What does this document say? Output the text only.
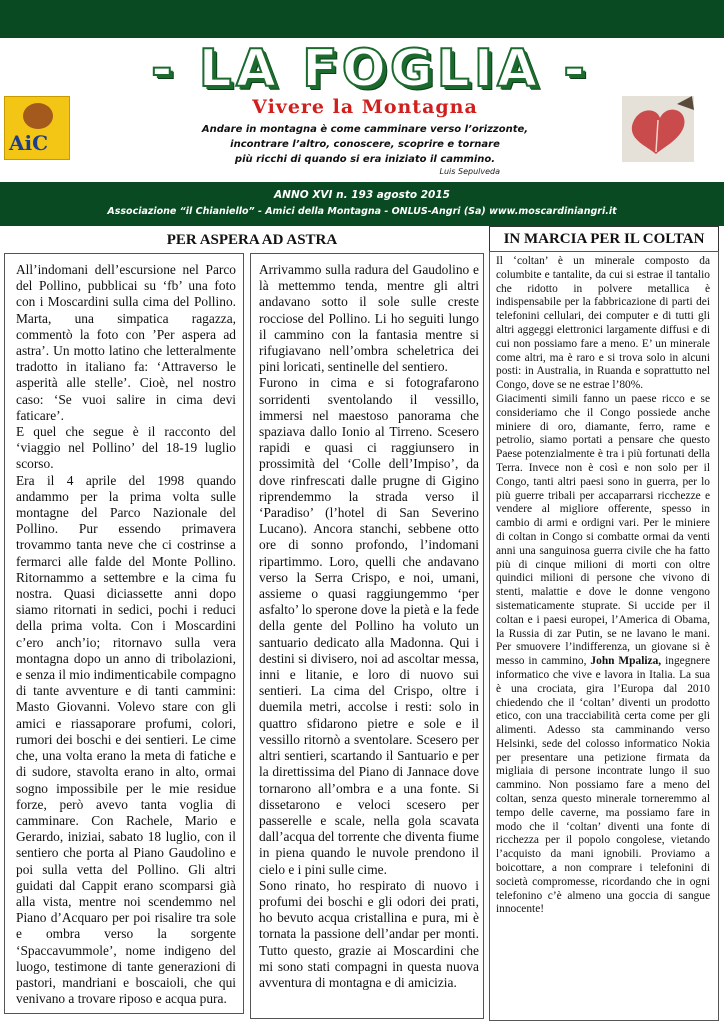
- LA FOGLIA -
AiC
Vivere la Montagna
Andare in montagna è come camminare verso l’orizzonte,
incontrare l’altro, conoscere, scoprire e tornare
più ricchi di quando si era iniziato il cammino.
Luis Sepulveda
ANNO XVI n. 193 agosto 2015
Associazione “il Chianiello” - Amici della Montagna - ONLUS-Angri (Sa) www.moscardiniangri.it
PER ASPERA AD ASTRA	IN MARCIA PER IL COLTAN

All’indomani dell’escursione nel Parco del Pollino, pubblicai su ‘fb’ una foto con i Moscardini sulla cima del Pollino. Marta, una simpatica ragazza, commentò la foto con ’Per aspera ad astra’. Un motto latino che letteralmente tradotto in italiano fa: ‘Attraverso le asperità alle stelle’. Cioè, nel nostro caso: ‘Se vuoi salire in cima devi faticare’.

E quel che segue è il racconto del ‘viaggio nel Pollino’ del 18-19 luglio scorso.

Era il 4 aprile del 1998 quando andammo per la prima volta sulle montagne del Parco Nazionale del Pollino. Pur essendo primavera trovammo tanta neve che ci costrinse a fermarci alle falde del Monte Pollino. Ritornammo a settembre e la cima fu nostra. Quasi diciassette anni dopo siamo ritornati in sedici, pochi i reduci della prima volta. Con i Moscardini c’ero anch’io; ritornavo sulla vera montagna dopo un anno di tribolazioni, e senza il mio indimenticabile compagno di tante avventure e di tanti cammini: Masto Giovanni. Volevo stare con gli amici e riassaporare profumi, colori, rumori dei boschi e dei sentieri. Le cime che, una volta erano la meta di fatiche e di sudore, stavolta erano in alto, ormai sogno impossibile per le mie residue forze, però avevo tanta voglia di camminare. Con Rachele, Mario e Gerardo, iniziai, sabato 18 luglio, con il sentiero che porta al Piano Gaudolino e poi sulla vetta del Pollino. Gli altri guidati dal Cappit erano scomparsi già alla vista, mentre noi scendemmo nel Piano d’Acquaro per poi risalire tra sole e ombra verso la sorgente ‘Spaccavummole’, nome indigeno del luogo, testimone di tante generazioni di pastori, mandriani e boscaioli, che qui venivano a trovare riposo e acqua pura.

Arrivammo sulla radura del Gaudolino e là mettemmo tenda, mentre gli altri andavano sotto il sole sulle creste rocciose del Pollino. Li ho seguiti lungo il cammino con la fantasia mentre si rifugiavano nell’ombra scheletrica dei pini loricati, sentinelle del sentiero.

Furono in cima e si fotografarono sorridenti sventolando il vessillo, immersi nel maestoso panorama che spaziava dallo Ionio al Tirreno. Scesero rapidi e quasi ci raggiunsero in prossimità del ‘Colle dell’Impiso’, da dove rinfrescati dalle prugne di Gigino riprendemmo la strada verso il ‘Paradiso’ (l’hotel di San Severino Lucano). Ancora stanchi, sebbene otto ore di sonno profondo, l’indomani ripartimmo. Loro, quelli che andavano verso la Serra Crispo, e noi, umani, assieme o quasi raggiungemmo ‘per asfalto’ lo sperone dove la pietà e la fede della gente del Pollino ha voluto un santuario dedicato alla Madonna. Qui i destini si divisero, noi ad ascoltar messa, inni e litanie, e loro di nuovo sui sentieri. La cima del Crispo, oltre i duemila metri, accolse i resti: solo in quattro sfidarono pietre e sole e il vessillo ritornò a sventolare. Scesero per altri sentieri, scartando il Santuario e per la direttissima del Piano di Jannace dove tornarono all’ombra e a una fonte. Si dissetarono e veloci scesero per passerelle e scale, nella gola scavata dall’acqua del torrente che diventa fiume in piena quando le nuvole prendono il cielo e i pini sulle cime.

Sono rinato, ho respirato di nuovo i profumi dei boschi e gli odori dei prati, ho bevuto acqua cristallina e pura, mi è tornata la passione dell’andar per monti. Tutto questo, grazie ai Moscardini che mi sono stati compagni in questa nuova avventura di montagna e di amicizia.

Il ‘coltan’ è un minerale composto da columbite e tantalite, da cui si estrae il tantalio che ridotto in polvere metallica è indispensabile per la fabbricazione di parti dei telefonini cellulari, dei computer e di tutti gli altri aggeggi elettronici largamente diffusi e di cui non possiamo fare a meno. E’ un minerale come altri, ma è raro e si trova solo in alcuni posti: in Australia, in Ruanda e soprattutto nel Congo, dove se ne estrae l’80%.

Giacimenti simili fanno un paese ricco e se consideriamo che il Congo possiede anche miniere di oro, diamante, ferro, rame e petrolio, siamo portati a pensare che questo Paese potenzialmente è tra i più fortunati della Terra. Invece non è così e non solo per il Congo, tanti altri paesi sono in guerra, per lo più guerre tribali per accaparrarsi ricchezze e vendere al migliore offerente, spesso in cambio di armi e ordigni vari. Per le miniere di coltan in Congo si combatte ormai da venti anni una sanguinosa guerra civile che ha fatto più di cinque milioni di morti con oltre quindici milioni di persone che vivono di stenti, malattie e dove le donne vengono sistematicamente stuprate. Si uccide per il coltan e i paesi europei, l’America di Obama, la Russia di zar Putin, se ne lavano le mani. Per smuovere l’indifferenza, un giovane si è messo in cammino, John Mpaliza, ingegnere informatico che vive e lavora in Italia. La sua è una crociata, gira l’Europa dal 2010 chiedendo che il ‘coltan’ diventi un prodotto etico, con una tracciabilità certa come per gli alimenti. Adesso sta camminando verso Helsinki, sede del colosso informatico Nokia per presentare una petizione firmata da migliaia di persone incontrate lungo il suo cammino. Non possiamo fare a meno del coltan, senza questo minerale torneremmo al tempo delle caverne, ma possiamo fare in modo che il ‘coltan’ diventi una fonte di ricchezza per il popolo congolese, vietando l’acquisto da mani ignobili. Proviamo a boicottare, a non comprare i telefonini di società compromesse, ricordando che in ogni telefonino c’è almeno una goccia di sangue innocente!
